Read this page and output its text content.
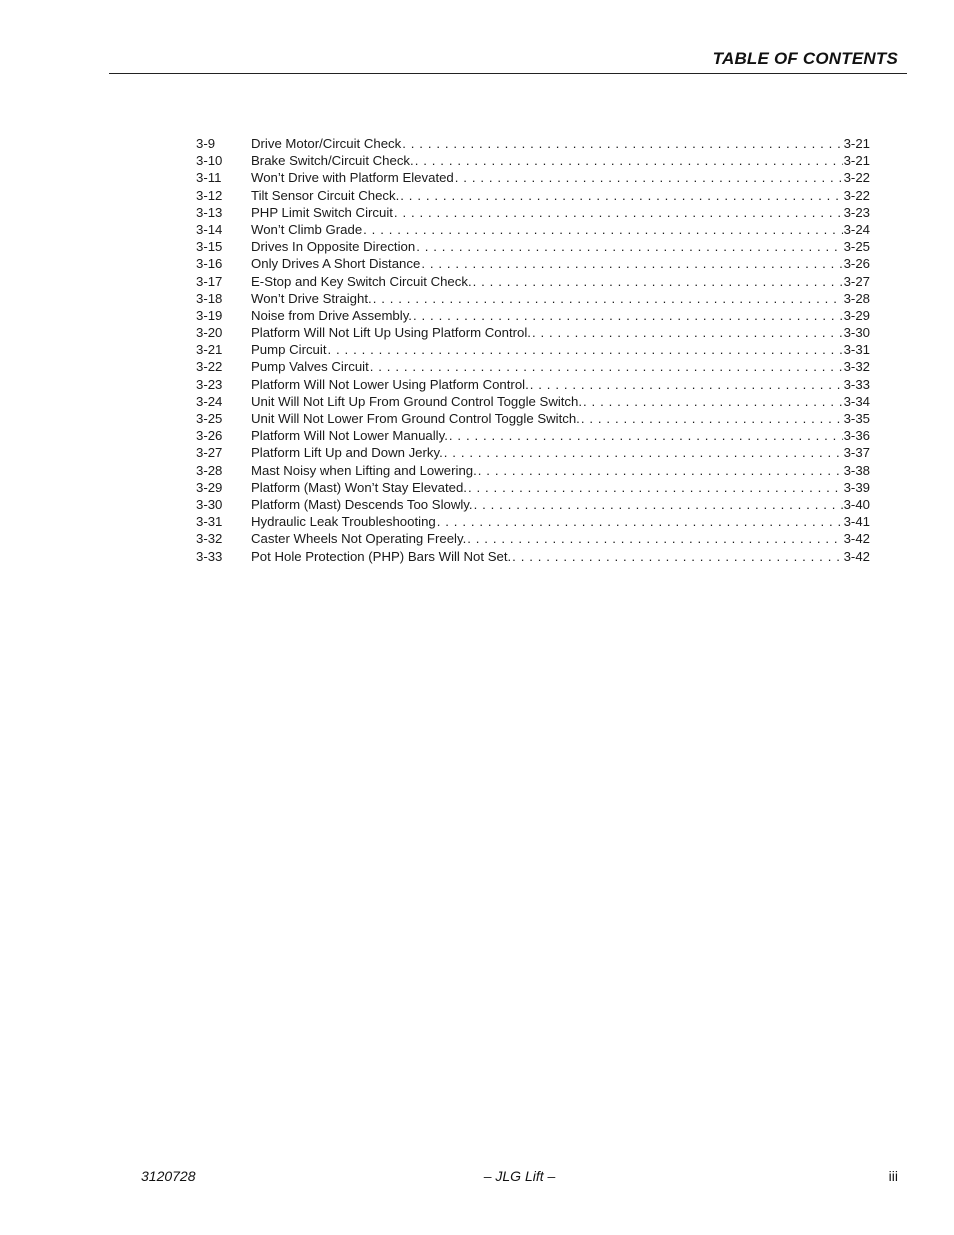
TABLE OF CONTENTS
3-9	Drive Motor/Circuit Check . . .	3-21
3-10	Brake Switch/Circuit Check. . . .	3-21
3-11	Won’t Drive with Platform Elevated . . .	3-22
3-12	Tilt Sensor Circuit Check. . . .	3-22
3-13	PHP Limit Switch Circuit . . .	3-23
3-14	Won’t Climb Grade . . .	3-24
3-15	Drives In Opposite Direction . . .	3-25
3-16	Only Drives A Short Distance . . .	3-26
3-17	E-Stop and Key Switch Circuit Check. . . .	3-27
3-18	Won’t Drive Straight. . . .	3-28
3-19	Noise from Drive Assembly. . . .	3-29
3-20	Platform Will Not Lift Up Using Platform Control. . . .	3-30
3-21	Pump Circuit . . .	3-31
3-22	Pump Valves Circuit . . .	3-32
3-23	Platform Will Not Lower Using Platform Control. . . .	3-33
3-24	Unit Will Not Lift Up From Ground Control Toggle Switch. . . .	3-34
3-25	Unit Will Not Lower From Ground Control Toggle Switch. . . .	3-35
3-26	Platform Will Not Lower Manually. . . .	3-36
3-27	Platform Lift Up and Down Jerky. . . .	3-37
3-28	Mast Noisy when Lifting and Lowering. . . .	3-38
3-29	Platform (Mast) Won’t Stay Elevated. . . .	3-39
3-30	Platform (Mast) Descends Too Slowly. . . .	3-40
3-31	Hydraulic Leak Troubleshooting . . .	3-41
3-32	Caster Wheels Not Operating Freely. . . .	3-42
3-33	Pot Hole Protection (PHP) Bars Will Not Set. . . .	3-42
3120728	– JLG Lift –	iii
